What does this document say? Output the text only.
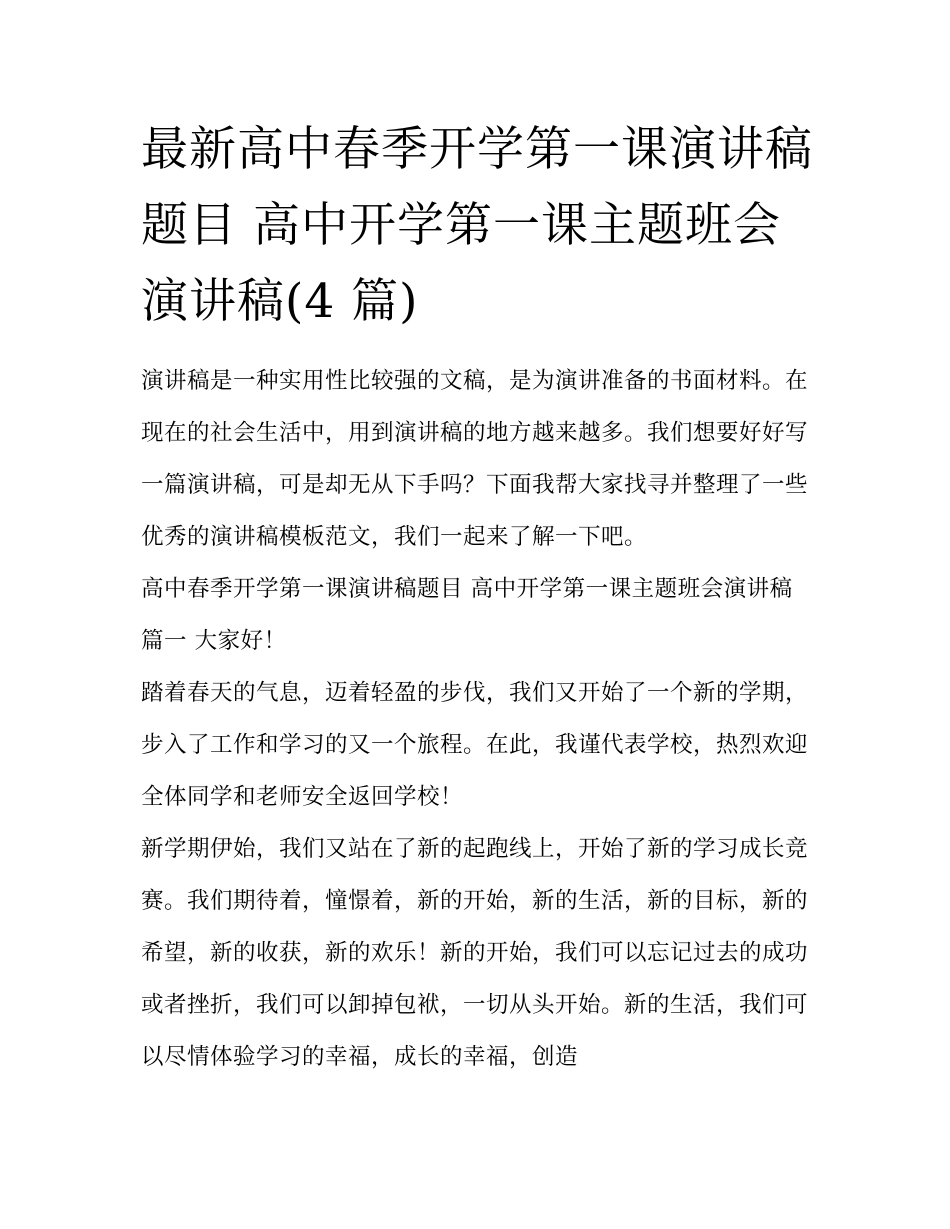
最新高中春季开学第一课演讲稿题目 高中开学第一课主题班会演讲稿(4 篇)

演讲稿是一种实用性比较强的文稿，是为演讲准备的书面材料。在现在的社会生活中，用到演讲稿的地方越来越多。我们想要好好写一篇演讲稿，可是却无从下手吗？下面我帮大家找寻并整理了一些优秀的演讲稿模板范文，我们一起来了解一下吧。

高中春季开学第一课演讲稿题目 高中开学第一课主题班会演讲稿篇一 大家好！

踏着春天的气息，迈着轻盈的步伐，我们又开始了一个新的学期，步入了工作和学习的又一个旅程。在此，我谨代表学校，热烈欢迎全体同学和老师安全返回学校！

新学期伊始，我们又站在了新的起跑线上，开始了新的学习成长竞赛。我们期待着，憧憬着，新的开始，新的生活，新的目标，新的希望，新的收获，新的欢乐！新的开始，我们可以忘记过去的成功或者挫折，我们可以卸掉包袱，一切从头开始。新的生活，我们可以尽情体验学习的幸福，成长的幸福，创造
